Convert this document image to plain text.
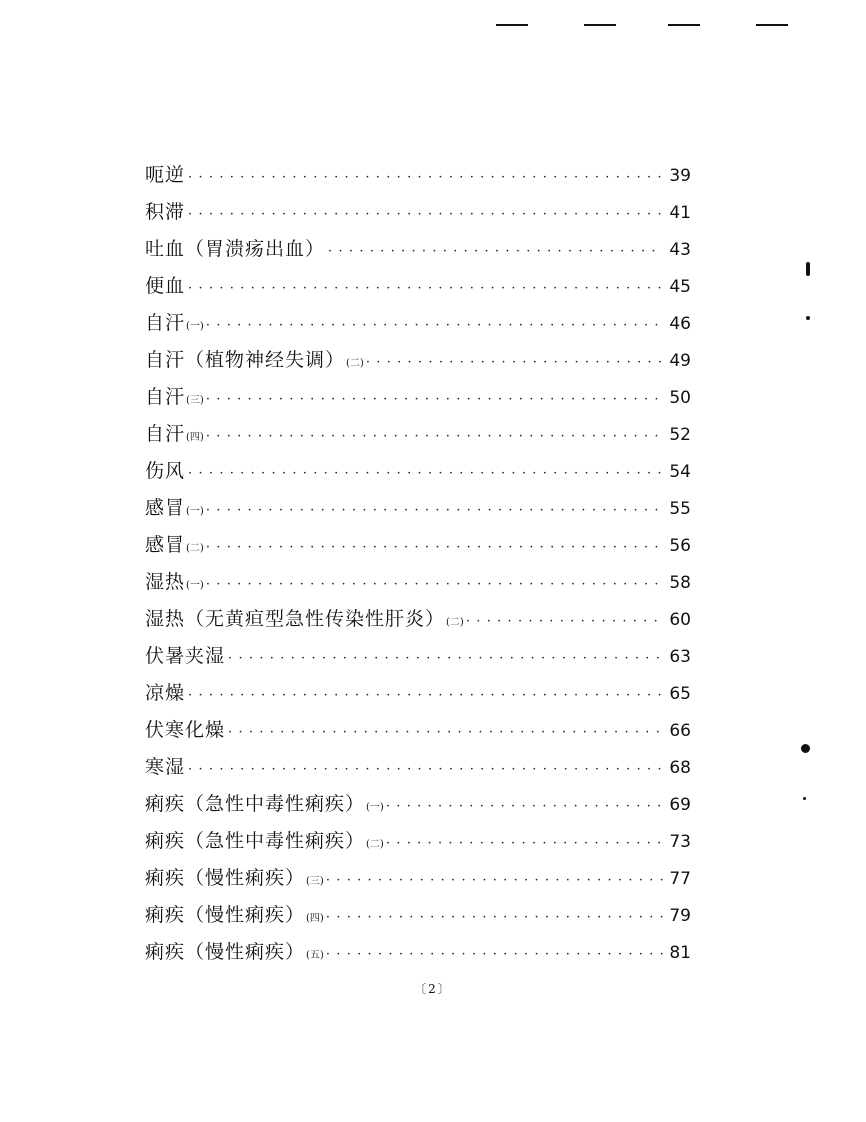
呃逆 ·····	39
积滞 ·····	41
吐血（胃溃疡出血） ·····	43
便血 ·····	45
自汗 (一) ·····	46
自汗（植物神经失调） (二) ·····	49
自汗 (三) ·····	50
自汗 (四) ·····	52
伤风 ·····	54
感冒 (一) ·····	55
感冒 (二) ·····	56
湿热 (一) ·····	58
湿热（无黄疸型急性传染性肝炎） (二) ·····	60
伏暑夹湿 ·····	63
凉燥 ·····	65
伏寒化燥 ·····	66
寒湿 ·····	68
痢疾（急性中毒性痢疾） (一) ·····	69
痢疾（急性中毒性痢疾） (二) ·····	73
痢疾（慢性痢疾） (三) ·····	77
痢疾（慢性痢疾） (四) ·····	79
痢疾（慢性痢疾） (五) ·····	81
〔2〕
